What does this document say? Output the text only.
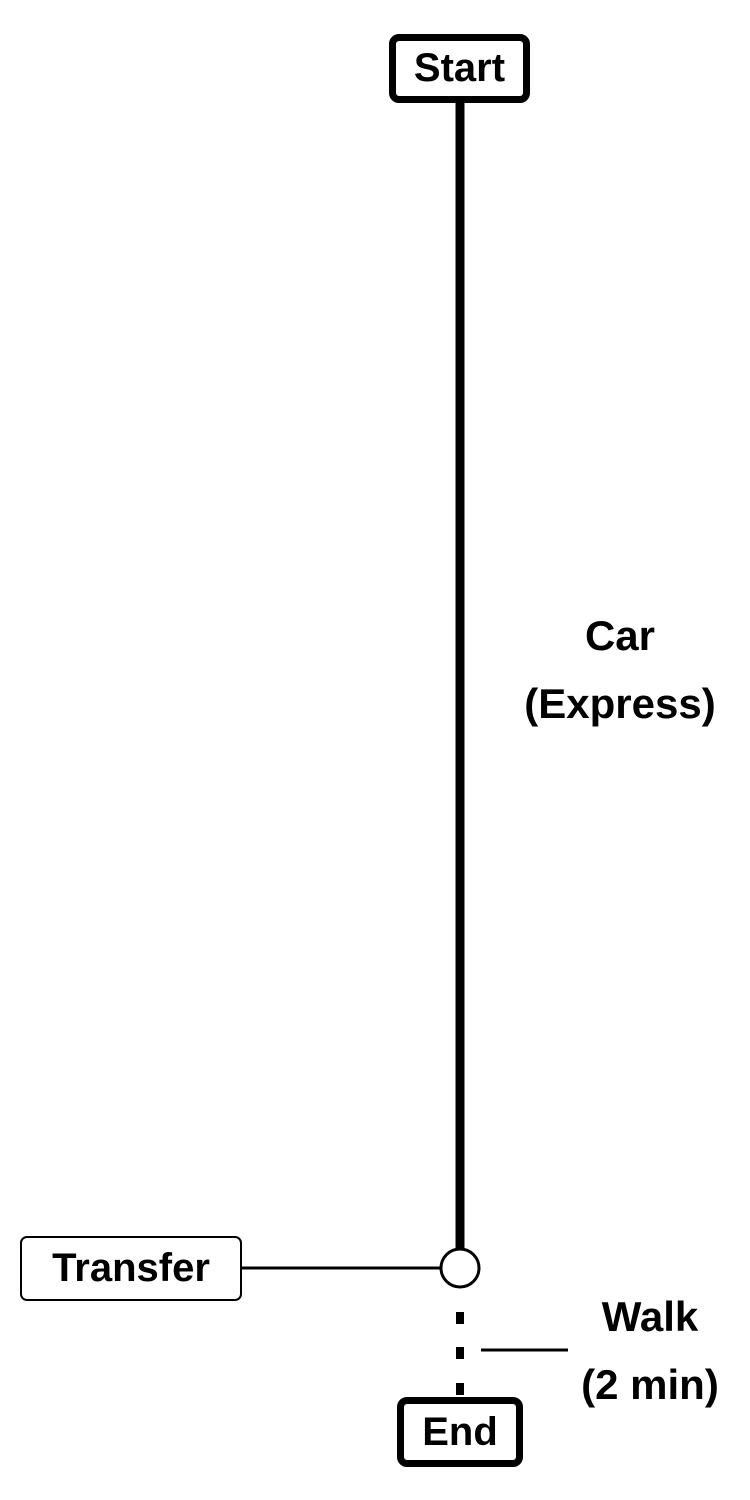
Start
Transfer
End
Car
(Express)
Walk
(2 min)
